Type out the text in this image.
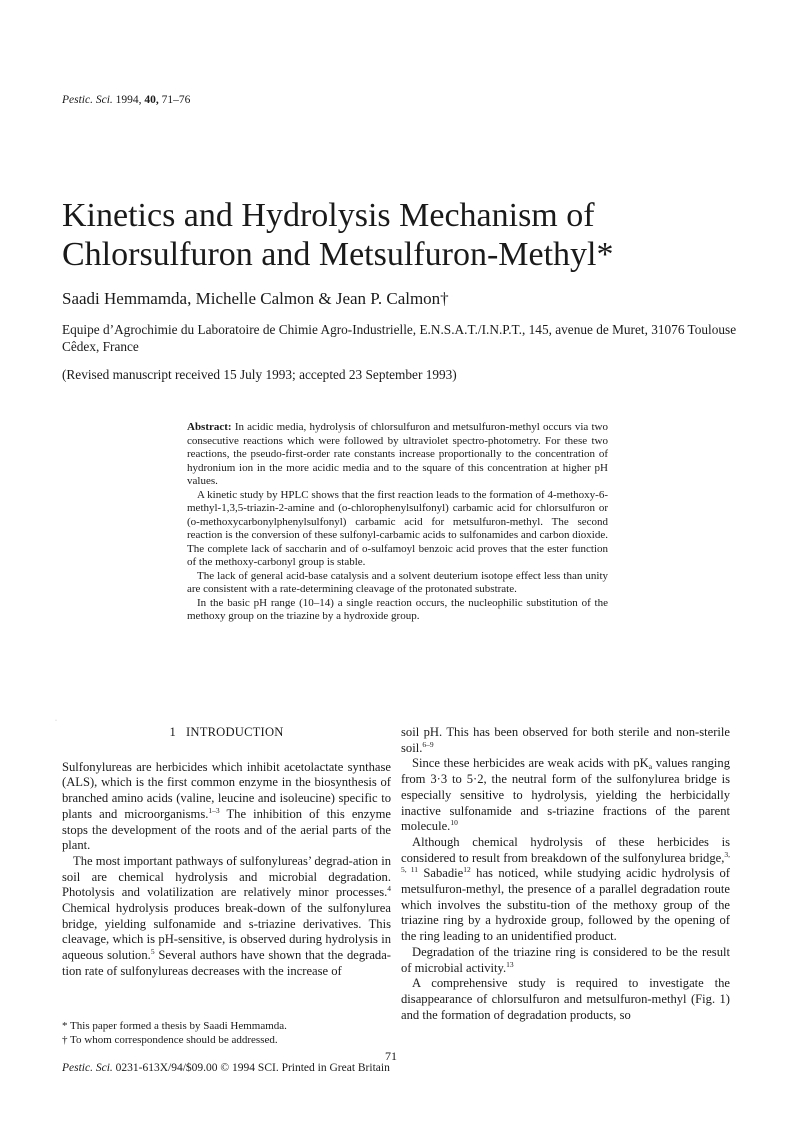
Pestic. Sci. 1994, 40, 71–76
Kinetics and Hydrolysis Mechanism of
Chlorsulfuron and Metsulfuron-Methyl*
Saadi Hemmamda, Michelle Calmon & Jean P. Calmon†
Equipe d’Agrochimie du Laboratoire de Chimie Agro-Industrielle, E.N.S.A.T./I.N.P.T., 145, avenue de Muret, 31076 Toulouse Cêdex, France
(Revised manuscript received 15 July 1993; accepted 23 September 1993)

Abstract: In acidic media, hydrolysis of chlorsulfuron and metsulfuron-methyl occurs via two consecutive reactions which were followed by ultraviolet spectro-photometry. For these two reactions, the pseudo-first-order rate constants increase proportionally to the concentration of hydronium ion in the more acidic media and to the square of this concentration at higher pH values.

A kinetic study by HPLC shows that the first reaction leads to the formation of 4-methoxy-6-methyl-1,3,5-triazin-2-amine and (o-chlorophenylsulfonyl) carbamic acid for chlorsulfuron or (o-methoxycarbonylphenylsulfonyl) carbamic acid for metsulfuron-methyl. The second reaction is the conversion of these sulfonyl-carbamic acids to sulfonamides and carbon dioxide. The complete lack of saccharin and of o-sulfamoyl benzoic acid proves that the ester function of the methoxy-carbonyl group is stable.

The lack of general acid-base catalysis and a solvent deuterium isotope effect less than unity are consistent with a rate-determining cleavage of the protonated substrate.

In the basic pH range (10–14) a single reaction occurs, the nucleophilic substitution of the methoxy group on the triazine by a hydroxide group.

·
1 INTRODUCTION

Sulfonylureas are herbicides which inhibit acetolactate synthase (ALS), which is the first common enzyme in the biosynthesis of branched amino acids (valine, leucine and isoleucine) specific to plants and microorganisms.$^{1-3}$ The inhibition of this enzyme stops the development of the roots and of the aerial parts of the plant.

The most important pathways of sulfonylureas’ degrad-ation in soil are chemical hydrolysis and microbial degradation. Photolysis and volatilization are relatively minor processes.$^4$ Chemical hydrolysis produces break-down of the sulfonylurea bridge, yielding sulfonamide and s-triazine derivatives. This cleavage, which is pH-sensitive, is observed during hydrolysis in aqueous solution.$^5$ Several authors have shown that the degrada-tion rate of sulfonylureas decreases with the increase of

soil pH. This has been observed for both sterile and non-sterile soil.$^{6-9}$

Since these herbicides are weak acids with $pK_a$ values ranging from 3·3 to 5·2, the neutral form of the sulfonylurea bridge is especially sensitive to hydrolysis, yielding the herbicidally inactive sulfonamide and s-triazine fractions of the parent molecule.$^{10}$

Although chemical hydrolysis of these herbicides is considered to result from breakdown of the sulfonylurea bridge,$^{3, 5, 11}$ Sabadie$^{12}$ has noticed, while studying acidic hydrolysis of metsulfuron-methyl, the presence of a parallel degradation route which involves the substitu-tion of the methoxy group of the triazine ring by a hydroxide group, followed by the opening of the ring leading to an unidentified product.

Degradation of the triazine ring is considered to be the result of microbial activity.$^{13}$

A comprehensive study is required to investigate the disappearance of chlorsulfuron and metsulfuron-methyl (Fig. 1) and the formation of degradation products, so

* This paper formed a thesis by Saadi Hemmamda.
† To whom correspondence should be addressed.
71
Pestic. Sci. 0231-613X/94/$09.00 © 1994 SCI. Printed in Great Britain
